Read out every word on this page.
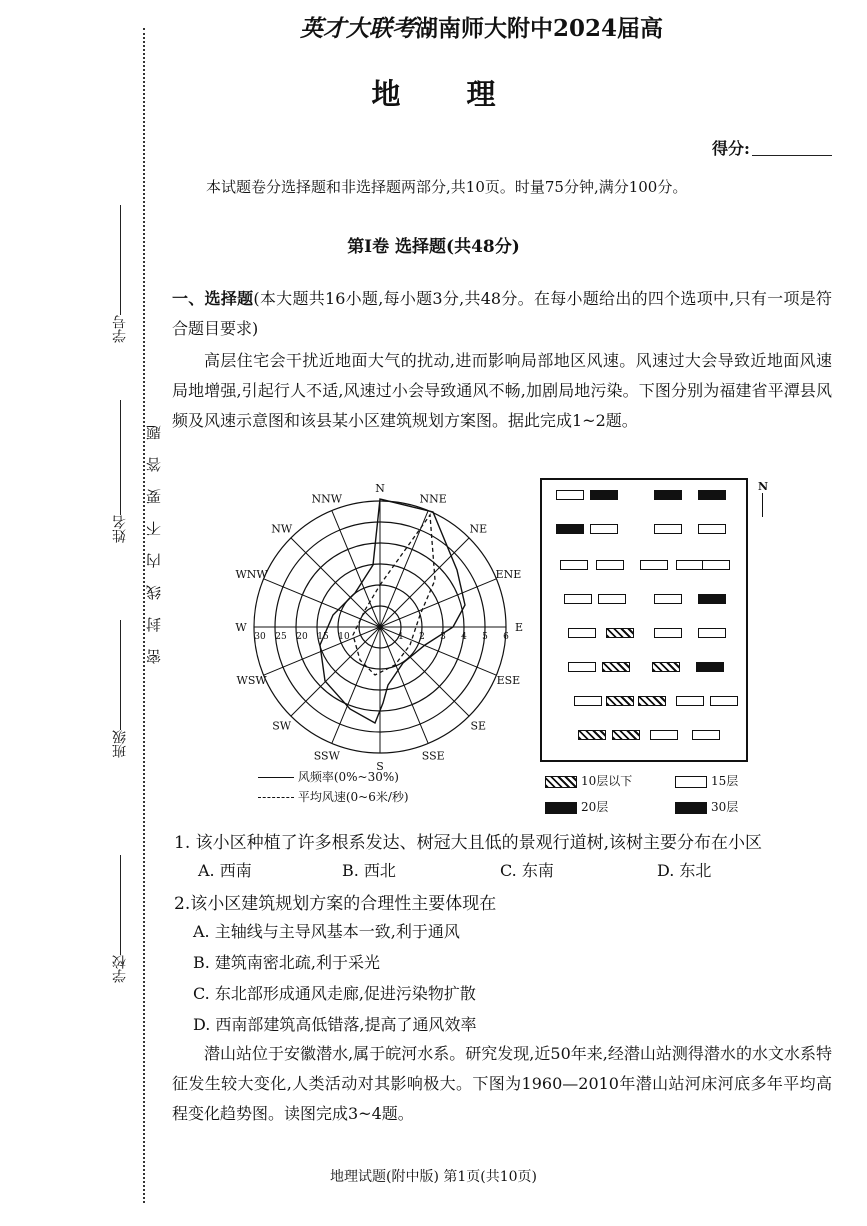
密封线内不要答题
学号
姓名
班级
学校
英才大联考湖南师大附中2024届高
地 理
得分:
本试题卷分选择题和非选择题两部分,共10页。时量75分钟,满分100分。
第Ⅰ卷 选择题(共48分)
一、选择题(本大题共16小题,每小题3分,共48分。在每小题给出的四个选项中,只有一项是符合题目要求)
高层住宅会干扰近地面大气的扰动,进而影响局部地区风速。风速过大会导致近地面风速局地增强,引起行人不适,风速过小会导致通风不畅,加剧局地污染。下图分别为福建省平潭县风频及风速示意图和该县某小区建筑规划方案图。据此完成1~2题。
N
NNE
NE
ENE
E
ESE
SE
SSE
S
SSW
SW
WSW
W
WNW
NW
NNW
30 25 20 15 10	1 2 3 4 5 6
风频率(0%~30%)
平均风速(0~6米/秒)
N
10层以下	15层
20层	30层
1. 该小区种植了许多根系发达、树冠大且低的景观行道树,该树主要分布在小区
A. 西南	B. 西北	C. 东南	D. 东北
2.该小区建筑规划方案的合理性主要体现在
A. 主轴线与主导风基本一致,利于通风
B. 建筑南密北疏,利于采光
C. 东北部形成通风走廊,促进污染物扩散
D. 西南部建筑高低错落,提高了通风效率
潜山站位于安徽潜水,属于皖河水系。研究发现,近50年来,经潜山站测得潜水的水文水系特征发生较大变化,人类活动对其影响极大。下图为1960—2010年潜山站河床河底多年平均高程变化趋势图。读图完成3~4题。
地理试题(附中版) 第1页(共10页)
